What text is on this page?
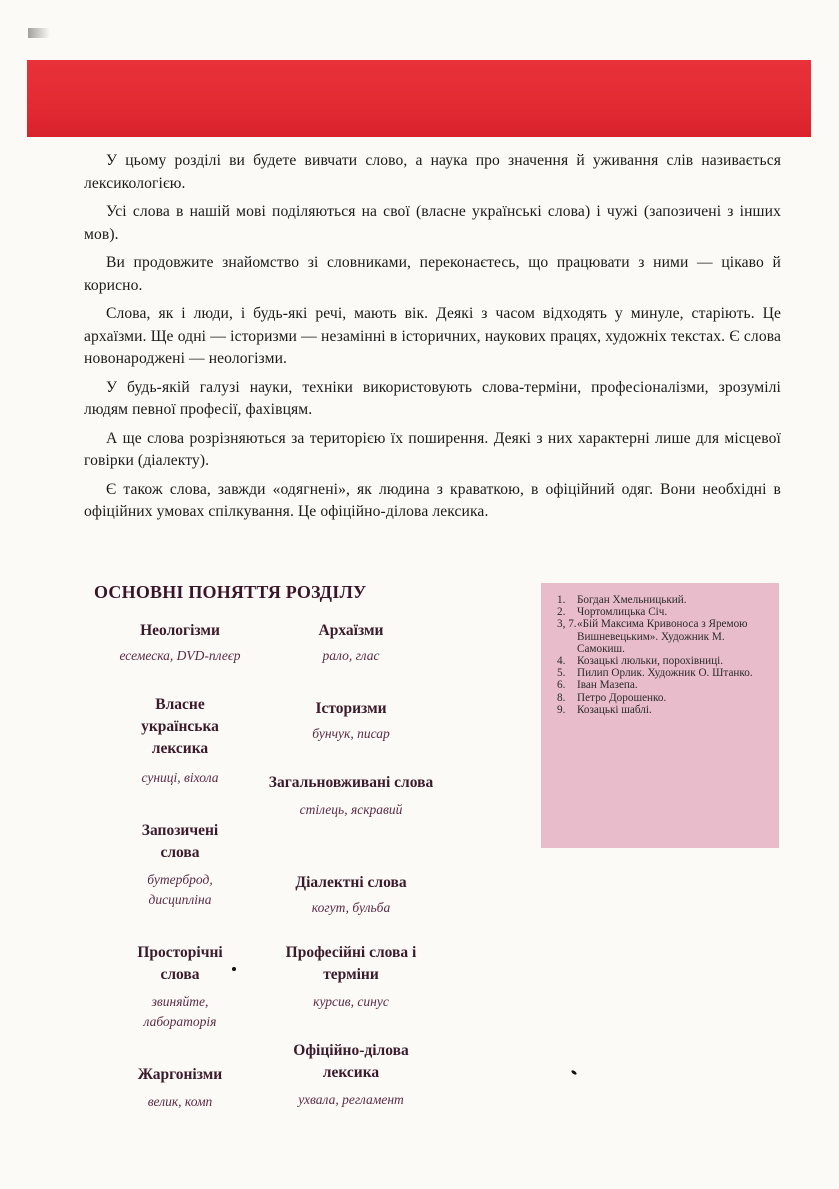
У цьому розділі ви будете вивчати слово, а наука про значення й уживання слів називається лексикологією.

Усі слова в нашій мові поділяються на свої (власне українські слова) і чужі (запозичені з інших мов).

Ви продовжите знайомство зі словниками, переконаєтесь, що працювати з ними — цікаво й корисно.

Слова, як і люди, і будь-які речі, мають вік. Деякі з часом відходять у минуле, старіють. Це архаїзми. Ще одні — історизми — незамінні в історичних, наукових працях, художніх текстах. Є слова новонароджені — неологізми.

У будь-якій галузі науки, техніки використовують слова-терміни, професіоналізми, зрозумілі людям певної професії, фахівцям.

А ще слова розрізняються за територією їх поширення. Деякі з них характерні лише для місцевої говірки (діалекту).

Є також слова, завжди «одягнені», як людина з краваткою, в офіційний одяг. Вони необхідні в офіційних умовах спілкування. Це офіційно-ділова лексика.

ОСНОВНІ ПОНЯТТЯ РОЗДІЛУ
Неологізми
есемеска, DVD-плеєр
Власне українська лексика
суниці, віхола
Запозичені слова
бутерброд, дисципліна
Просторічні слова
звиняйте, лабораторія
Жаргонізми
велик, комп
Архаїзми
рало, глас
Історизми
бунчук, писар
Загальновживані слова
стілець, яскравий
Діалектні слова
когут, бульба
Професійні слова і терміни
курсив, синус
Офіційно-ділова лексика
ухвала, регламент
1.	Богдан Хмельницький.
2.	Чортомлицька Січ.
3, 7. «Бій Максима Кривоноса з Яремою Вишневецьким». Художник М. Самокиш.
4.	Козацькі люльки, порохівниці.
5.	Пилип Орлик. Художник О. Штанко.
6.	Іван Мазепа.
8.	Петро Дорошенко.
9.	Козацькі шаблі.
